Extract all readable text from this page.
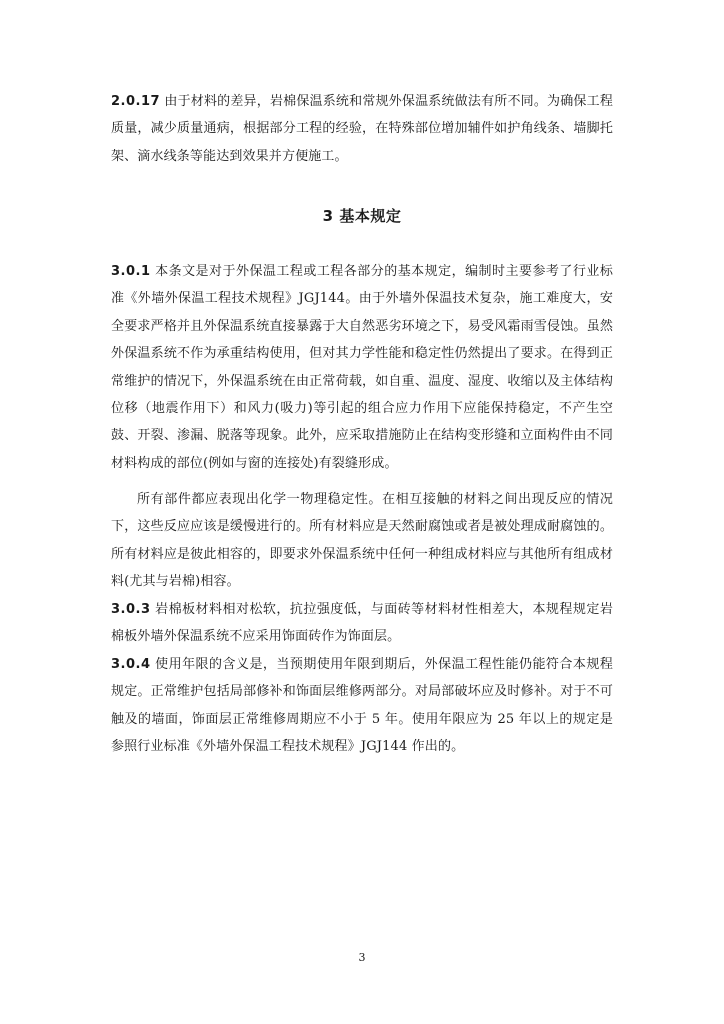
2.0.17 由于材料的差异，岩棉保温系统和常规外保温系统做法有所不同。为确保工程质量，减少质量通病，根据部分工程的经验，在特殊部位增加辅件如护角线条、墙脚托架、滴水线条等能达到效果并方便施工。

3 基本规定

3.0.1 本条文是对于外保温工程或工程各部分的基本规定，编制时主要参考了行业标准《外墙外保温工程技术规程》JGJ144。由于外墙外保温技术复杂，施工难度大，安全要求严格并且外保温系统直接暴露于大自然恶劣环境之下，易受风霜雨雪侵蚀。虽然外保温系统不作为承重结构使用，但对其力学性能和稳定性仍然提出了要求。在得到正常维护的情况下，外保温系统在由正常荷载，如自重、温度、湿度、收缩以及主体结构位移（地震作用下）和风力(吸力)等引起的组合应力作用下应能保持稳定，不产生空鼓、开裂、渗漏、脱落等现象。此外，应采取措施防止在结构变形缝和立面构件由不同材料构成的部位(例如与窗的连接处)有裂缝形成。

所有部件都应表现出化学一物理稳定性。在相互接触的材料之间出现反应的情况下，这些反应应该是缓慢进行的。所有材料应是天然耐腐蚀或者是被处理成耐腐蚀的。所有材料应是彼此相容的，即要求外保温系统中任何一种组成材料应与其他所有组成材料(尤其与岩棉)相容。

3.0.3 岩棉板材料相对松软，抗拉强度低，与面砖等材料材性相差大，本规程规定岩棉板外墙外保温系统不应采用饰面砖作为饰面层。

3.0.4 使用年限的含义是，当预期使用年限到期后，外保温工程性能仍能符合本规程规定。正常维护包括局部修补和饰面层维修两部分。对局部破坏应及时修补。对于不可触及的墙面，饰面层正常维修周期应不小于 5 年。使用年限应为 25 年以上的规定是参照行业标准《外墙外保温工程技术规程》JGJ144 作出的。

3
